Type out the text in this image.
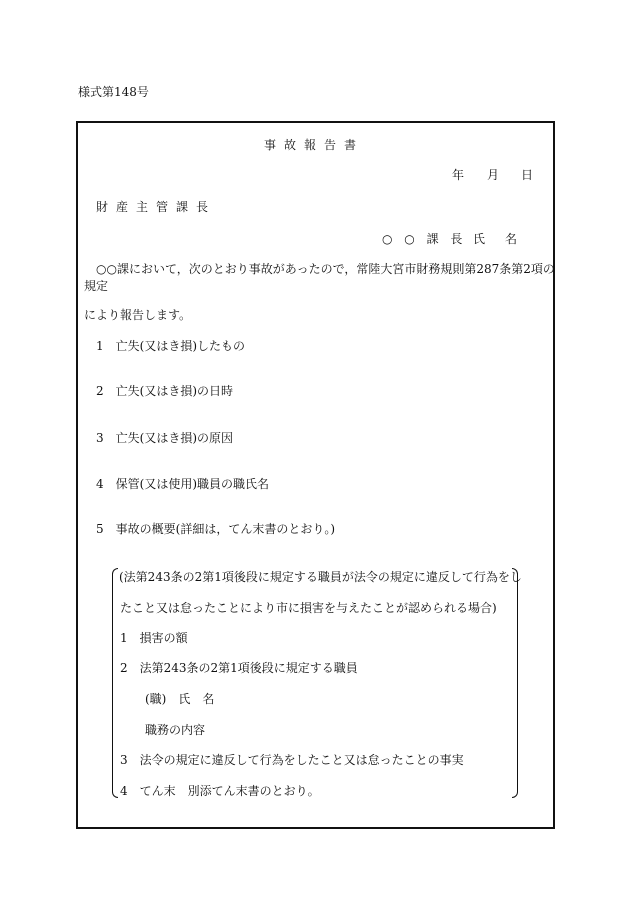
様式第148号
事故報告書
年 月 日
財産主管課長
○ ○ 課 長 氏　名
○○課において，次のとおり事故があったので，常陸大宮市財務規則第287条第2項の
規定
により報告します。
1　亡失(又はき損)したもの
2　亡失(又はき損)の日時
3　亡失(又はき損)の原因
4　保管(又は使用)職員の職氏名
5　事故の概要(詳細は，てん末書のとおり。)
(法第243条の2第1項後段に規定する職員が法令の規定に違反して行為をし
たこと又は怠ったことにより市に損害を与えたことが認められる場合)
1　損害の額
2　法第243条の2第1項後段に規定する職員
(職)　氏　名
職務の内容
3　法令の規定に違反して行為をしたこと又は怠ったことの事実
4　てん末　別添てん末書のとおり。
